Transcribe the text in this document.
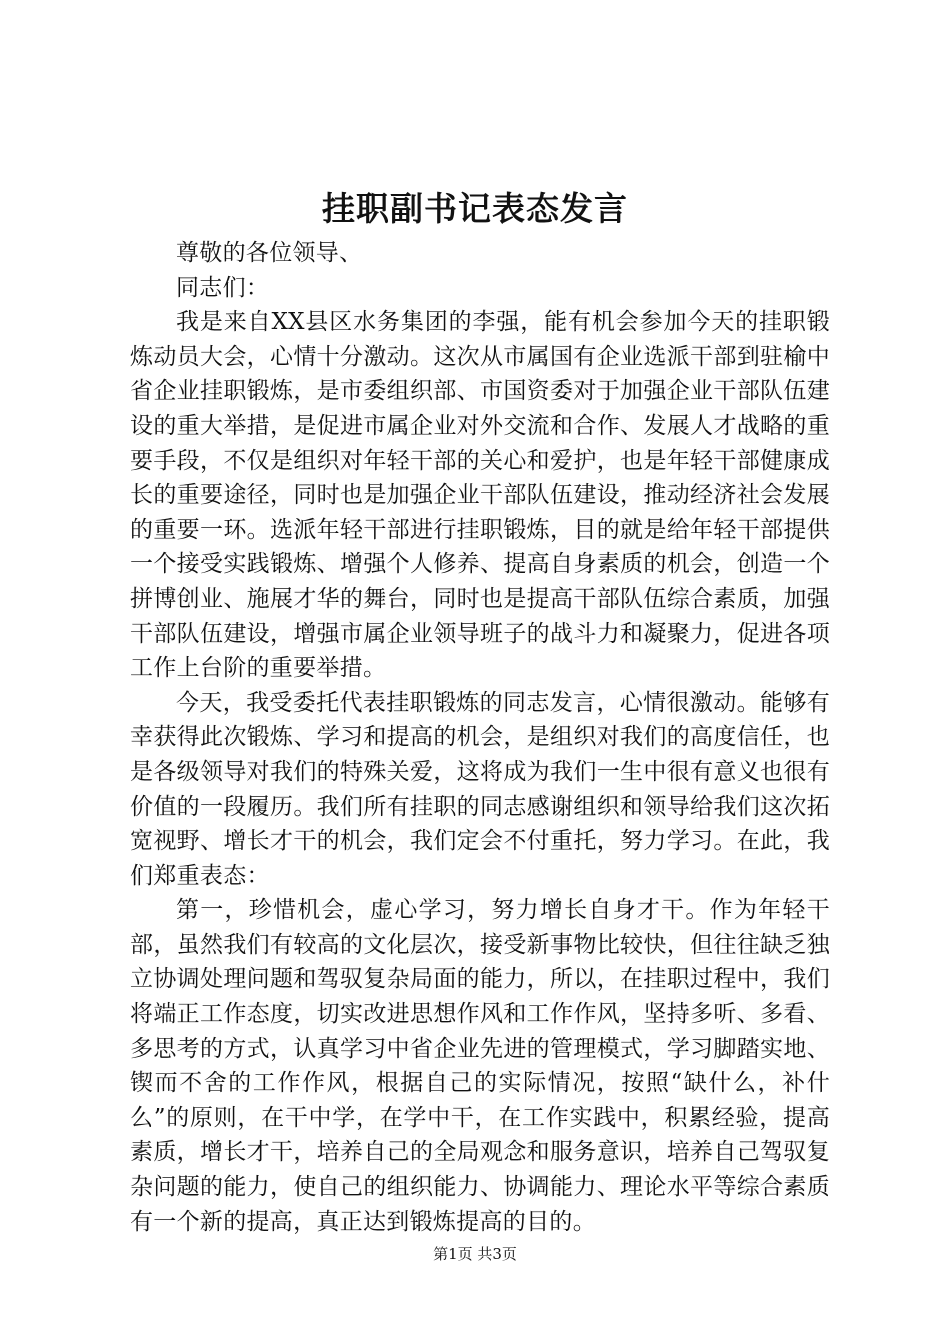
挂职副书记表态发言

尊敬的各位领导、

同志们：

我是来自XX县区水务集团的李强，能有机会参加今天的挂职锻炼动员大会，心情十分激动。这次从市属国有企业选派干部到驻榆中省企业挂职锻炼，是市委组织部、市国资委对于加强企业干部队伍建设的重大举措，是促进市属企业对外交流和合作、发展人才战略的重要手段，不仅是组织对年轻干部的关心和爱护，也是年轻干部健康成长的重要途径，同时也是加强企业干部队伍建设，推动经济社会发展的重要一环。选派年轻干部进行挂职锻炼，目的就是给年轻干部提供一个接受实践锻炼、增强个人修养、提高自身素质的机会，创造一个拼博创业、施展才华的舞台，同时也是提高干部队伍综合素质，加强干部队伍建设，增强市属企业领导班子的战斗力和凝聚力，促进各项工作上台阶的重要举措。

今天，我受委托代表挂职锻炼的同志发言，心情很激动。能够有幸获得此次锻炼、学习和提高的机会，是组织对我们的高度信任，也是各级领导对我们的特殊关爱，这将成为我们一生中很有意义也很有价值的一段履历。我们所有挂职的同志感谢组织和领导给我们这次拓宽视野、增长才干的机会，我们定会不付重托，努力学习。在此，我们郑重表态：

第一，珍惜机会，虚心学习，努力增长自身才干。作为年轻干部，虽然我们有较高的文化层次，接受新事物比较快，但往往缺乏独立协调处理问题和驾驭复杂局面的能力，所以，在挂职过程中，我们将端正工作态度，切实改进思想作风和工作作风，坚持多听、多看、多思考的方式，认真学习中省企业先进的管理模式，学习脚踏实地、锲而不舍的工作作风，根据自己的实际情况，按照“缺什么，补什么”的原则，在干中学，在学中干，在工作实践中，积累经验，提高素质，增长才干，培养自己的全局观念和服务意识，培养自己驾驭复杂问题的能力，使自己的组织能力、协调能力、理论水平等综合素质有一个新的提高，真正达到锻炼提高的目的。

第1页 共3页
